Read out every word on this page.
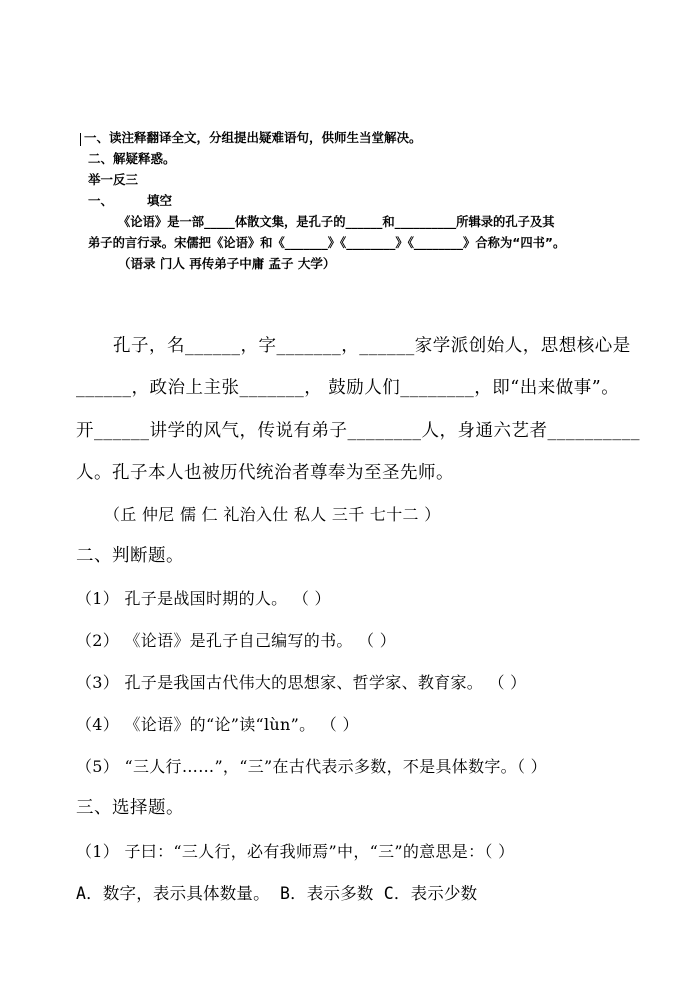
一、读注释翻译全文，分组提出疑难语句，供师生当堂解决。
二、解疑释惑。
举一反三
一、	填空
《论语》是一部_____体散文集，是孔子的______和__________所辑录的孔子及其
弟子的言行录。宋儒把《论语》和《_______》《________》《________》合称为“四书”。
（语录 门人 再传弟子中庸 孟子 大学）
孔子，名______，字_______，______家学派创始人，思想核心是
______，政治上主张_______， 鼓励人们________，即“出来做事”。
开______讲学的风气，传说有弟子________人，身通六艺者__________
人。孔子本人也被历代统治者尊奉为至圣先师。
（丘 仲尼 儒 仁 礼治入仕 私人 三千 七十二 ）
二、判断题。
（1） 孔子是战国时期的人。 （ ）
（2） 《论语》是孔子自己编写的书。 （ ）
（3） 孔子是我国古代伟大的思想家、哲学家、教育家。 （ ）
（4） 《论语》的“论”读“lùn”。 （ ）
（5） “三人行……”，“三”在古代表示多数，不是具体数字。（ ）
三、选择题。
（1） 子曰：“三人行，必有我师焉”中，“三”的意思是：（ ）
A．数字，表示具体数量。 B．表示多数 C．表示少数
